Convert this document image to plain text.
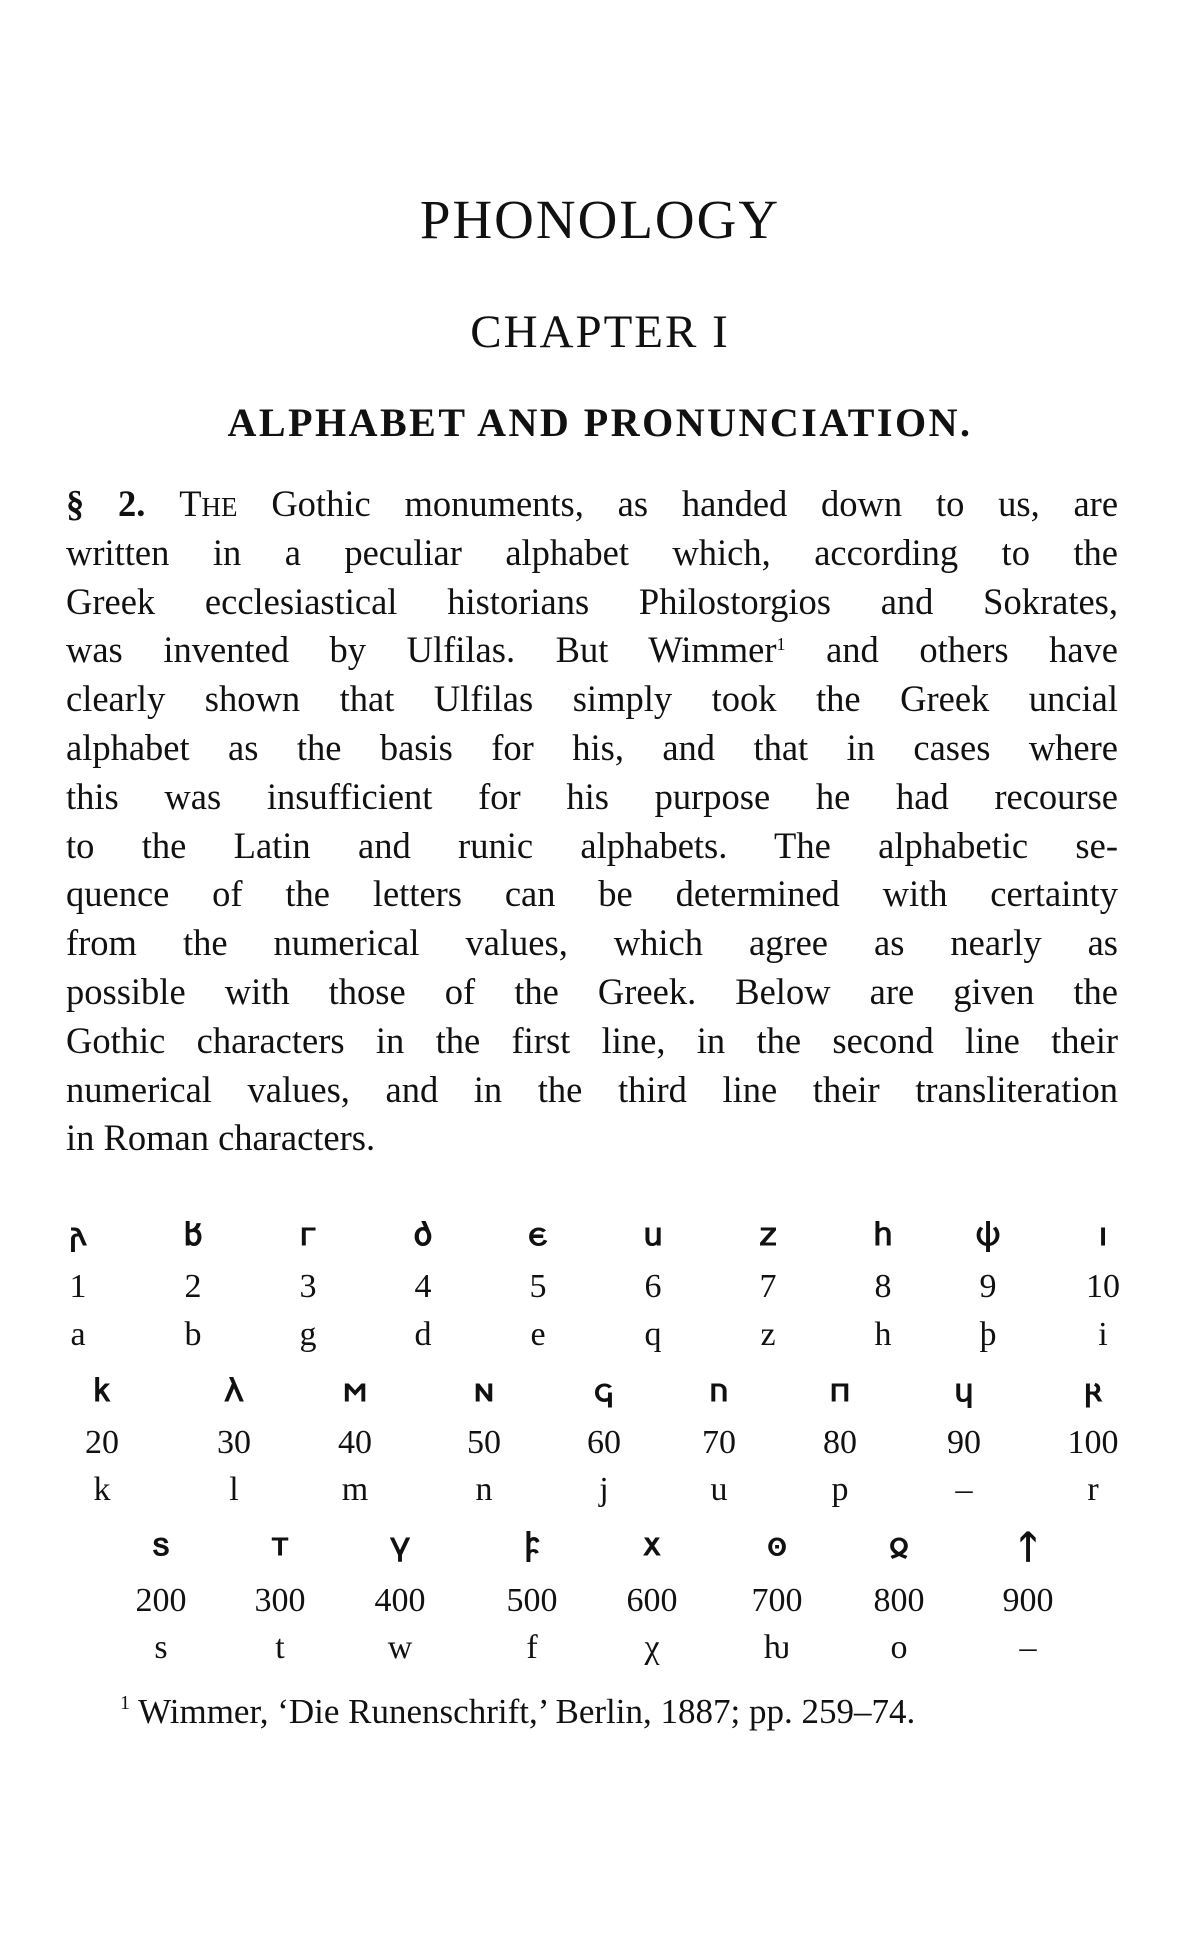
PHONOLOGY
CHAPTER I
ALPHABET AND PRONUNCIATION.
§ 2. THE Gothic monuments, as handed down to us, are
written in a peculiar alphabet which, according to the
Greek ecclesiastical historians Philostorgios and Sokrates,
was invented by Ulfilas. But Wimmer$^1$ and others have
clearly shown that Ulfilas simply took the Greek uncial
alphabet as the basis for his, and that in cases where
this was insufficient for his purpose he had recourse
to the Latin and runic alphabets. The alphabetic se-
quence of the letters can be determined with certainty
from the numerical values, which agree as nearly as
possible with those of the Greek. Below are given the
Gothic characters in the first line, in the second line their
numerical values, and in the third line their transliteration
in Roman characters.
𐌰	𐌱	𐌲	𐌳	𐌴	𐌵	𐌶	𐌷	𐌸	𐌹
1	2	3	4	5	6	7	8	9	10
a	b	g	d	e	q	z	h	þ	i
𐌺	𐌻	𐌼	𐌽	𐌾	𐌿	𐍀	𐍁	𐍂
20	30	40	50	60	70	80	90	100
k	l	m	n	j	u	p	–	r
𐍃	𐍄	𐍅	𐍆	𐍇	𐍈	𐍉	𐍊
200	300	400	500	600	700	800	900
s	t	w	f	χ	ƕ	o	–
$^1$ Wimmer, ‘Die Runenschrift,’ Berlin, 1887; pp. 259–74.
